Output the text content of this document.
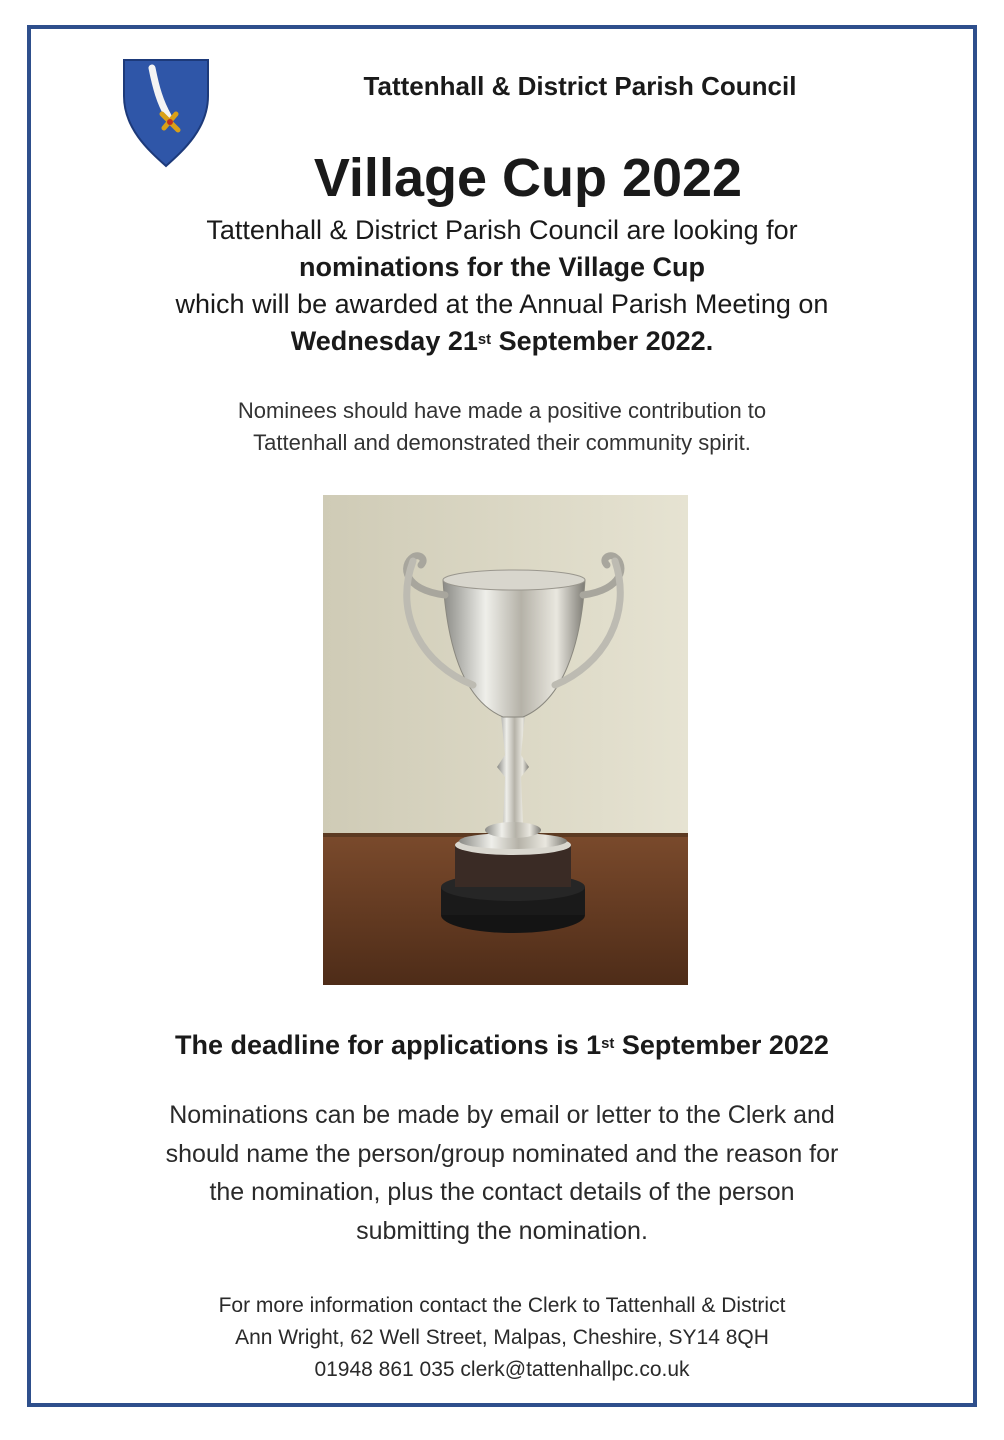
Tattenhall & District Parish Council
Village Cup 2022
Tattenhall & District Parish Council are looking for
nominations for the Village Cup
which will be awarded at the Annual Parish Meeting on
Wednesday 21st September 2022.
Nominees should have made a positive contribution to
Tattenhall and demonstrated their community spirit.
The deadline for applications is 1st September 2022
Nominations can be made by email or letter to the Clerk and
should name the person/group nominated and the reason for
the nomination, plus the contact details of the person
submitting the nomination.
For more information contact the Clerk to Tattenhall & District
Ann Wright, 62 Well Street, Malpas, Cheshire, SY14 8QH
01948 861 035 clerk@tattenhallpc.co.uk
